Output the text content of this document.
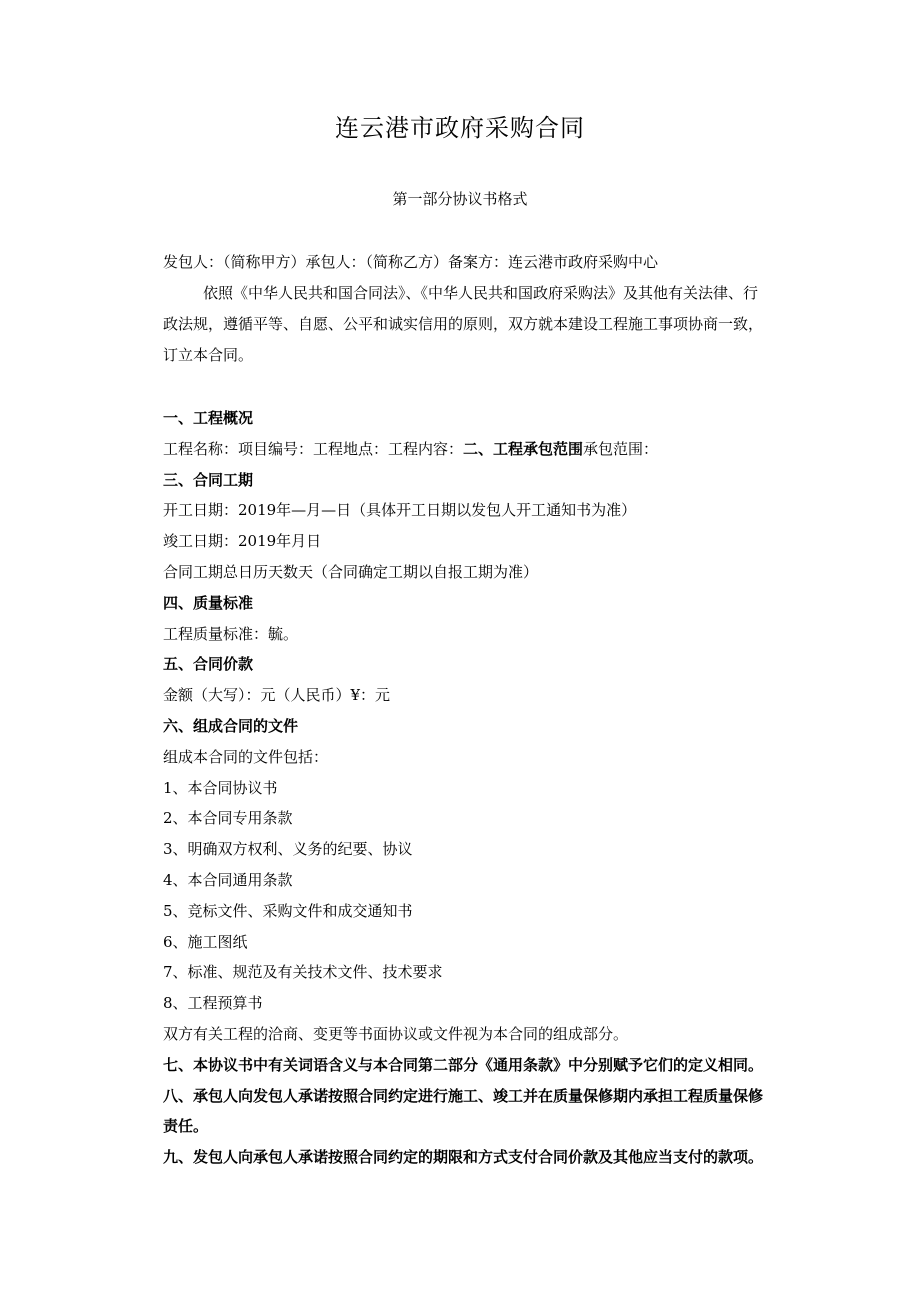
连云港市政府采购合同
第一部分协议书格式
发包人：（简称甲方）承包人：（简称乙方）备案方：连云港市政府采购中心
依照《中华人民共和国合同法》、《中华人民共和国政府采购法》及其他有关法律、行
政法规，遵循平等、自愿、公平和诚实信用的原则，双方就本建设工程施工事项协商一致，
订立本合同。
一、工程概况
工程名称：项目编号：工程地点：工程内容：二、工程承包范围承包范围：
三、合同工期
开工日期：2019年—月—日（具体开工日期以发包人开工通知书为准）
竣工日期：2019年月日
合同工期总日历天数天（合同确定工期以自报工期为准）
四、质量标准
工程质量标准：毓。
五、合同价款
金额（大写）：元（人民币）¥：元
六、组成合同的文件
组成本合同的文件包括：
1、本合同协议书
2、本合同专用条款
3、明确双方权利、义务的纪要、协议
4、本合同通用条款
5、竞标文件、采购文件和成交通知书
6、施工图纸
7、标准、规范及有关技术文件、技术要求
8、工程预算书
双方有关工程的洽商、变更等书面协议或文件视为本合同的组成部分。
七、本协议书中有关词语含义与本合同第二部分《通用条款》中分别赋予它们的定义相同。
八、承包人向发包人承诺按照合同约定进行施工、竣工并在质量保修期内承担工程质量保修
责任。
九、发包人向承包人承诺按照合同约定的期限和方式支付合同价款及其他应当支付的款项。
